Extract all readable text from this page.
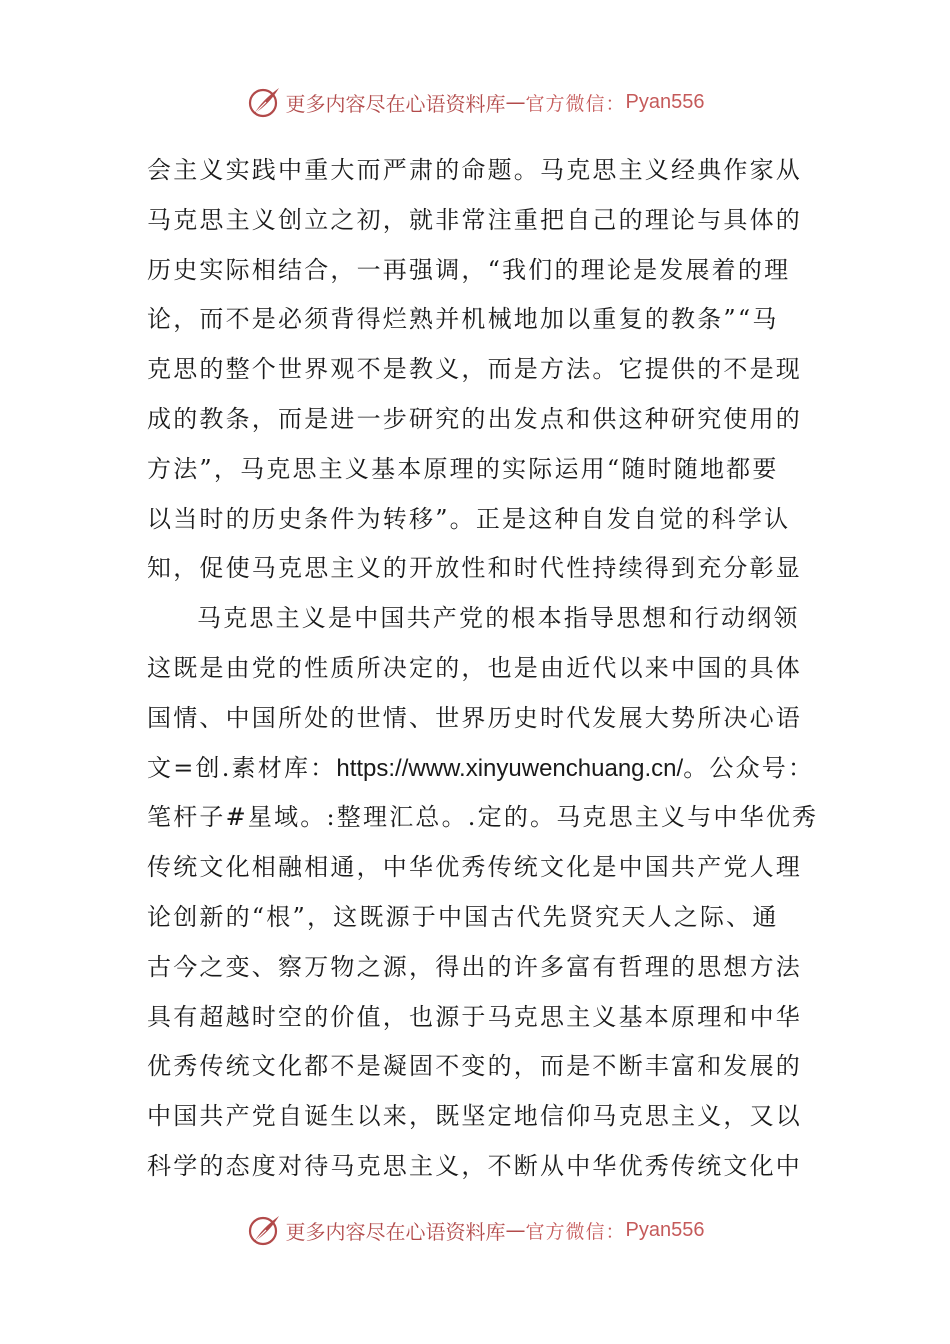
更多内容尽在心语资料库 — 官方微信： Pyan556
会主义实践中重大而严肃的命题。马克思主义经典作家从
马克思主义创立之初，就非常注重把自己的理论与具体的
历史实际相结合，一再强调，“我们的理论是发展着的理
论，而不是必须背得烂熟并机械地加以重复的教条”“马
克思的整个世界观不是教义，而是方法。它提供的不是现
成的教条，而是进一步研究的出发点和供这种研究使用的
方法”，马克思主义基本原理的实际运用“随时随地都要
以当时的历史条件为转移”。正是这种自发自觉的科学认
知，促使马克思主义的开放性和时代性持续得到充分彰显
马克思主义是中国共产党的根本指导思想和行动纲领
这既是由党的性质所决定的，也是由近代以来中国的具体
国情、中国所处的世情、世界历史时代发展大势所决心语
文=创.素材库：https://www.xinyuwenchuang.cn/。公众号：
笔杆子#星域。:整理汇总。.定的。马克思主义与中华优秀
传统文化相融相通，中华优秀传统文化是中国共产党人理
论创新的“根”，这既源于中国古代先贤究天人之际、通
古今之变、察万物之源，得出的许多富有哲理的思想方法
具有超越时空的价值，也源于马克思主义基本原理和中华
优秀传统文化都不是凝固不变的，而是不断丰富和发展的
中国共产党自诞生以来，既坚定地信仰马克思主义，又以
科学的态度对待马克思主义，不断从中华优秀传统文化中
更多内容尽在心语资料库 — 官方微信： Pyan556
